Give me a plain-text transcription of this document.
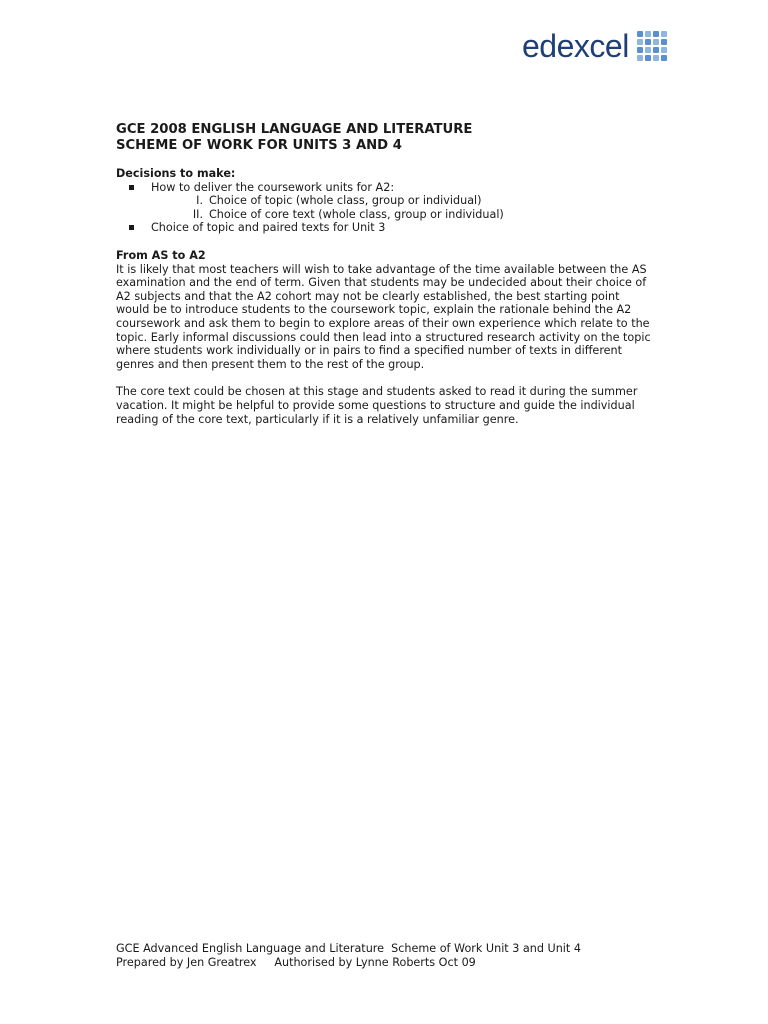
edexcel
GCE 2008 ENGLISH LANGUAGE AND LITERATURE
SCHEME OF WORK FOR UNITS 3 AND 4
Decisions to make:
How to deliver the coursework units for A2:
I. Choice of topic (whole class, group or individual)
II. Choice of core text (whole class, group or individual)
Choice of topic and paired texts for Unit 3
From AS to A2

It is likely that most teachers will wish to take advantage of the time available between the AS examination and the end of term. Given that students may be undecided about their choice of A2 subjects and that the A2 cohort may not be clearly established, the best starting point would be to introduce students to the coursework topic, explain the rationale behind the A2 coursework and ask them to begin to explore areas of their own experience which relate to the topic. Early informal discussions could then lead into a structured research activity on the topic where students work individually or in pairs to find a specified number of texts in different genres and then present them to the rest of the group.

The core text could be chosen at this stage and students asked to read it during the summer vacation. It might be helpful to provide some questions to structure and guide the individual reading of the core text, particularly if it is a relatively unfamiliar genre.

GCE Advanced English Language and Literature  Scheme of Work Unit 3 and Unit 4
Prepared by Jen Greatrex     Authorised by Lynne Roberts Oct 09
